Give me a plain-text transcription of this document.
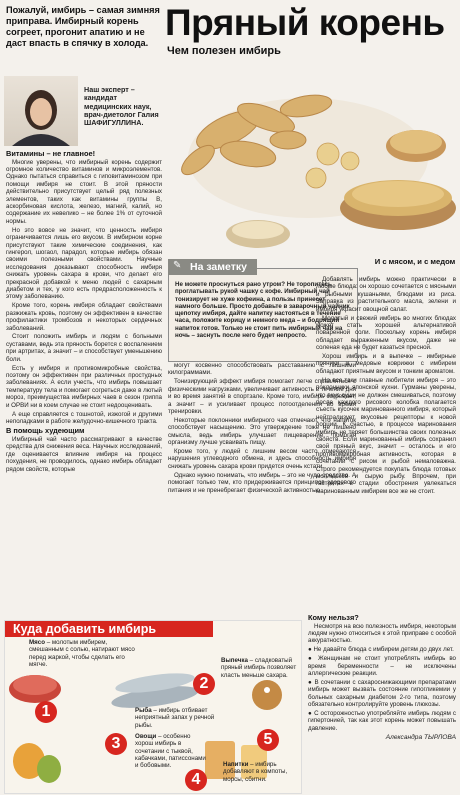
Пожалуй, имбирь – самая зимняя приправа. Имбирный корень согреет, прогонит апатию и не даст впасть в спячку в холода. Пряный корень
Чем полезен имбирь
Наш эксперт – кандидат медицинских наук, врач-диетолог Галия ШАФИГУЛЛИНА.
Витамины – не главное!

Многие уверены, что имбирный корень содержит огромное количество витаминов и микроэлементов. Однако пытаться справиться с гиповитаминозом при помощи имбиря не стоит. В этой пряности действительно присутствует целый ряд полезных элементов, таких как витамины группы В, аскорбиновая кислота, железо, магний, калий, но содержание их невелико – не более 1% от суточной нормы.

Но это вовсе не значит, что ценность имбиря ограничивается лишь его вкусом. В имбирном корне присутствуют такие химические соединения, как гингерол, шогаол, парадол, которые имбирь обязан своими полезными свойствами. Научные исследования доказывают способность имбиря снижать уровень сахара в крови, что делает его прекрасной добавкой к меню людей с сахарным диабетом и тех, у кого есть предрасположенность к этому заболеванию.

Кроме того, корень имбиря обладает свойствами разжижать кровь, поэтому он эффективен в качестве профилактики тромбозов и некоторых сердечных заболеваний.

Стоит положить имбирь и людям с больными суставами, ведь эта пряность борется с воспалением при артритах, а значит – и способствует уменьшению боли.

Есть у имбиря и противомикробные свойства, поэтому он эффективен при различных простудных заболеваниях. А если учесть, что имбирь повышает температуру тела и помогает согреться даже в лютый мороз, преимущества имбирных чаев в сезон гриппа и ОРВИ ни в коем случае не стоит недооценивать.

А еще справляется с тошнотой, изжогой и другими неполадками в работе желудочно-кишечного тракта.

В помощь худеющим

Имбирный чай часто рассматривают в качестве средства для снижения веса. Научных исследований, где оценивается влияние имбиря на процесс похудения, не проводилось, однако имбирь обладает рядом свойств, которые

На заметку
✎
Не можете проснуться рано утром? Не торопитесь проглатывать рукой чашку с кофе. Имбирный чай тонизирует не хуже кофеина, а пользы принесет намного больше. Просто добавьте в заварочный чайник щепотку имбиря, дайте напитку настояться в течение часа, положите корицу и немного меда – и бодрящий напиток готов. Только не стоит пить имбирный чай на ночь – заснуть после него будет непросто.

могут косвенно способствовать расставанию с лишними килограммами.

Тонизирующий эффект имбиря помогает легче справляться с физическими нагрузками, увеличивает активность в течение дня и во время занятий в спортзале. Кроме того, имбирь согревает, а значит – и усиливает процесс потоотделения во время тренировки.

Некоторые поклонники имбирного чая отмечают, что напиток способствует насыщению. Это утверждение тоже не лишено смысла, ведь имбирь улучшает пищеварение, помогая организму лучше усваивать пищу.

Кроме того, у людей с лишним весом часто отмечаются нарушения углеводного обмена, и здесь способность имбиря снижать уровень сахара крови придется очень кстати.

Однако нужно понимать, что имбирь – это не чудо-средство. А помогает только тем, кто придерживается принципов здорового питания и не пренебрегает физической активностью.

И с мясом, и с медом

Добавлять имбирь можно практически в любые блюда: он хорошо сочетается с мясными и рыбными кушаньями, блюдами из риса. Заправка из растительного масла, зелени и имбиря украсит овощной салат.

Молотый и свежий имбирь во многих блюдах может стать хорошей альтернативой поваренной соли. Поскольку корень имбиря обладает выраженным вкусом, даже не соленая еда не будет казаться пресной.

Хорош имбирь и в выпечке – имбирные пряники и медовые коврижки с имбирем обладают приятным вкусом и тонким ароматом.

Но все-таки главные любители имбиря – это поклонники японской кухни. Гурманы уверены, что вкус суши не должен смешиваться, поэтому после каждого рисового колобка полагается съесть кусочек маринованного имбиря, который нейтрализует вкусовые рецепторы к новой порции. К счастью, в процессе маринования имбирь не теряет большинства своих полезных свойств. Если маринованный имбирь сохранил свой пряный вкус, значит – осталось и его противомикробная активность, которая в сочетании с рисом и рыбой немаловажна. Строго рекомендуется покупать блюда готовых моллюсков и сырую рыбу. Впрочем, при гастритах в стадии обострения увлекаться маринованным имбирем все же не стоит.

Куда добавить имбирь
1
2
3
4
5
Мясо – молотым имбирем, смешанным с солью, натирают мясо перед жаркой, чтобы сделать его мягче.
Рыба – имбирь отбивает неприятный запах у речной рыбы.
Овощи – особенно хорош имбирь в сочетании с тыквой, кабачками, патиссонами и бобовыми.	Напитки – имбирь добавляют в компоты, морсы, сбитни.
Выпечка – сладковатый пряный имбирь позволяет класть меньше сахара.
Кому нельзя?

Несмотря на всю полезность имбиря, некоторым людям нужно относиться к этой приправе с особой аккуратностью.

● Не давайте блюда с имбирем детям до двух лет.

● Женщинам не стоит употреблять имбирь во время беременности – не исключены аллергические реакции.

● В сочетании с сахароснижающими препаратами имбирь может вызвать состояние гипогликемии у больных сахарным диабетом 2-го типа, поэтому обязательно контролируйте уровень глюкозы.

● С осторожностью употребляйте имбирь людям с гипертонией, так как этот корень может повышать давление.

Александра ТЫРЛОВА
